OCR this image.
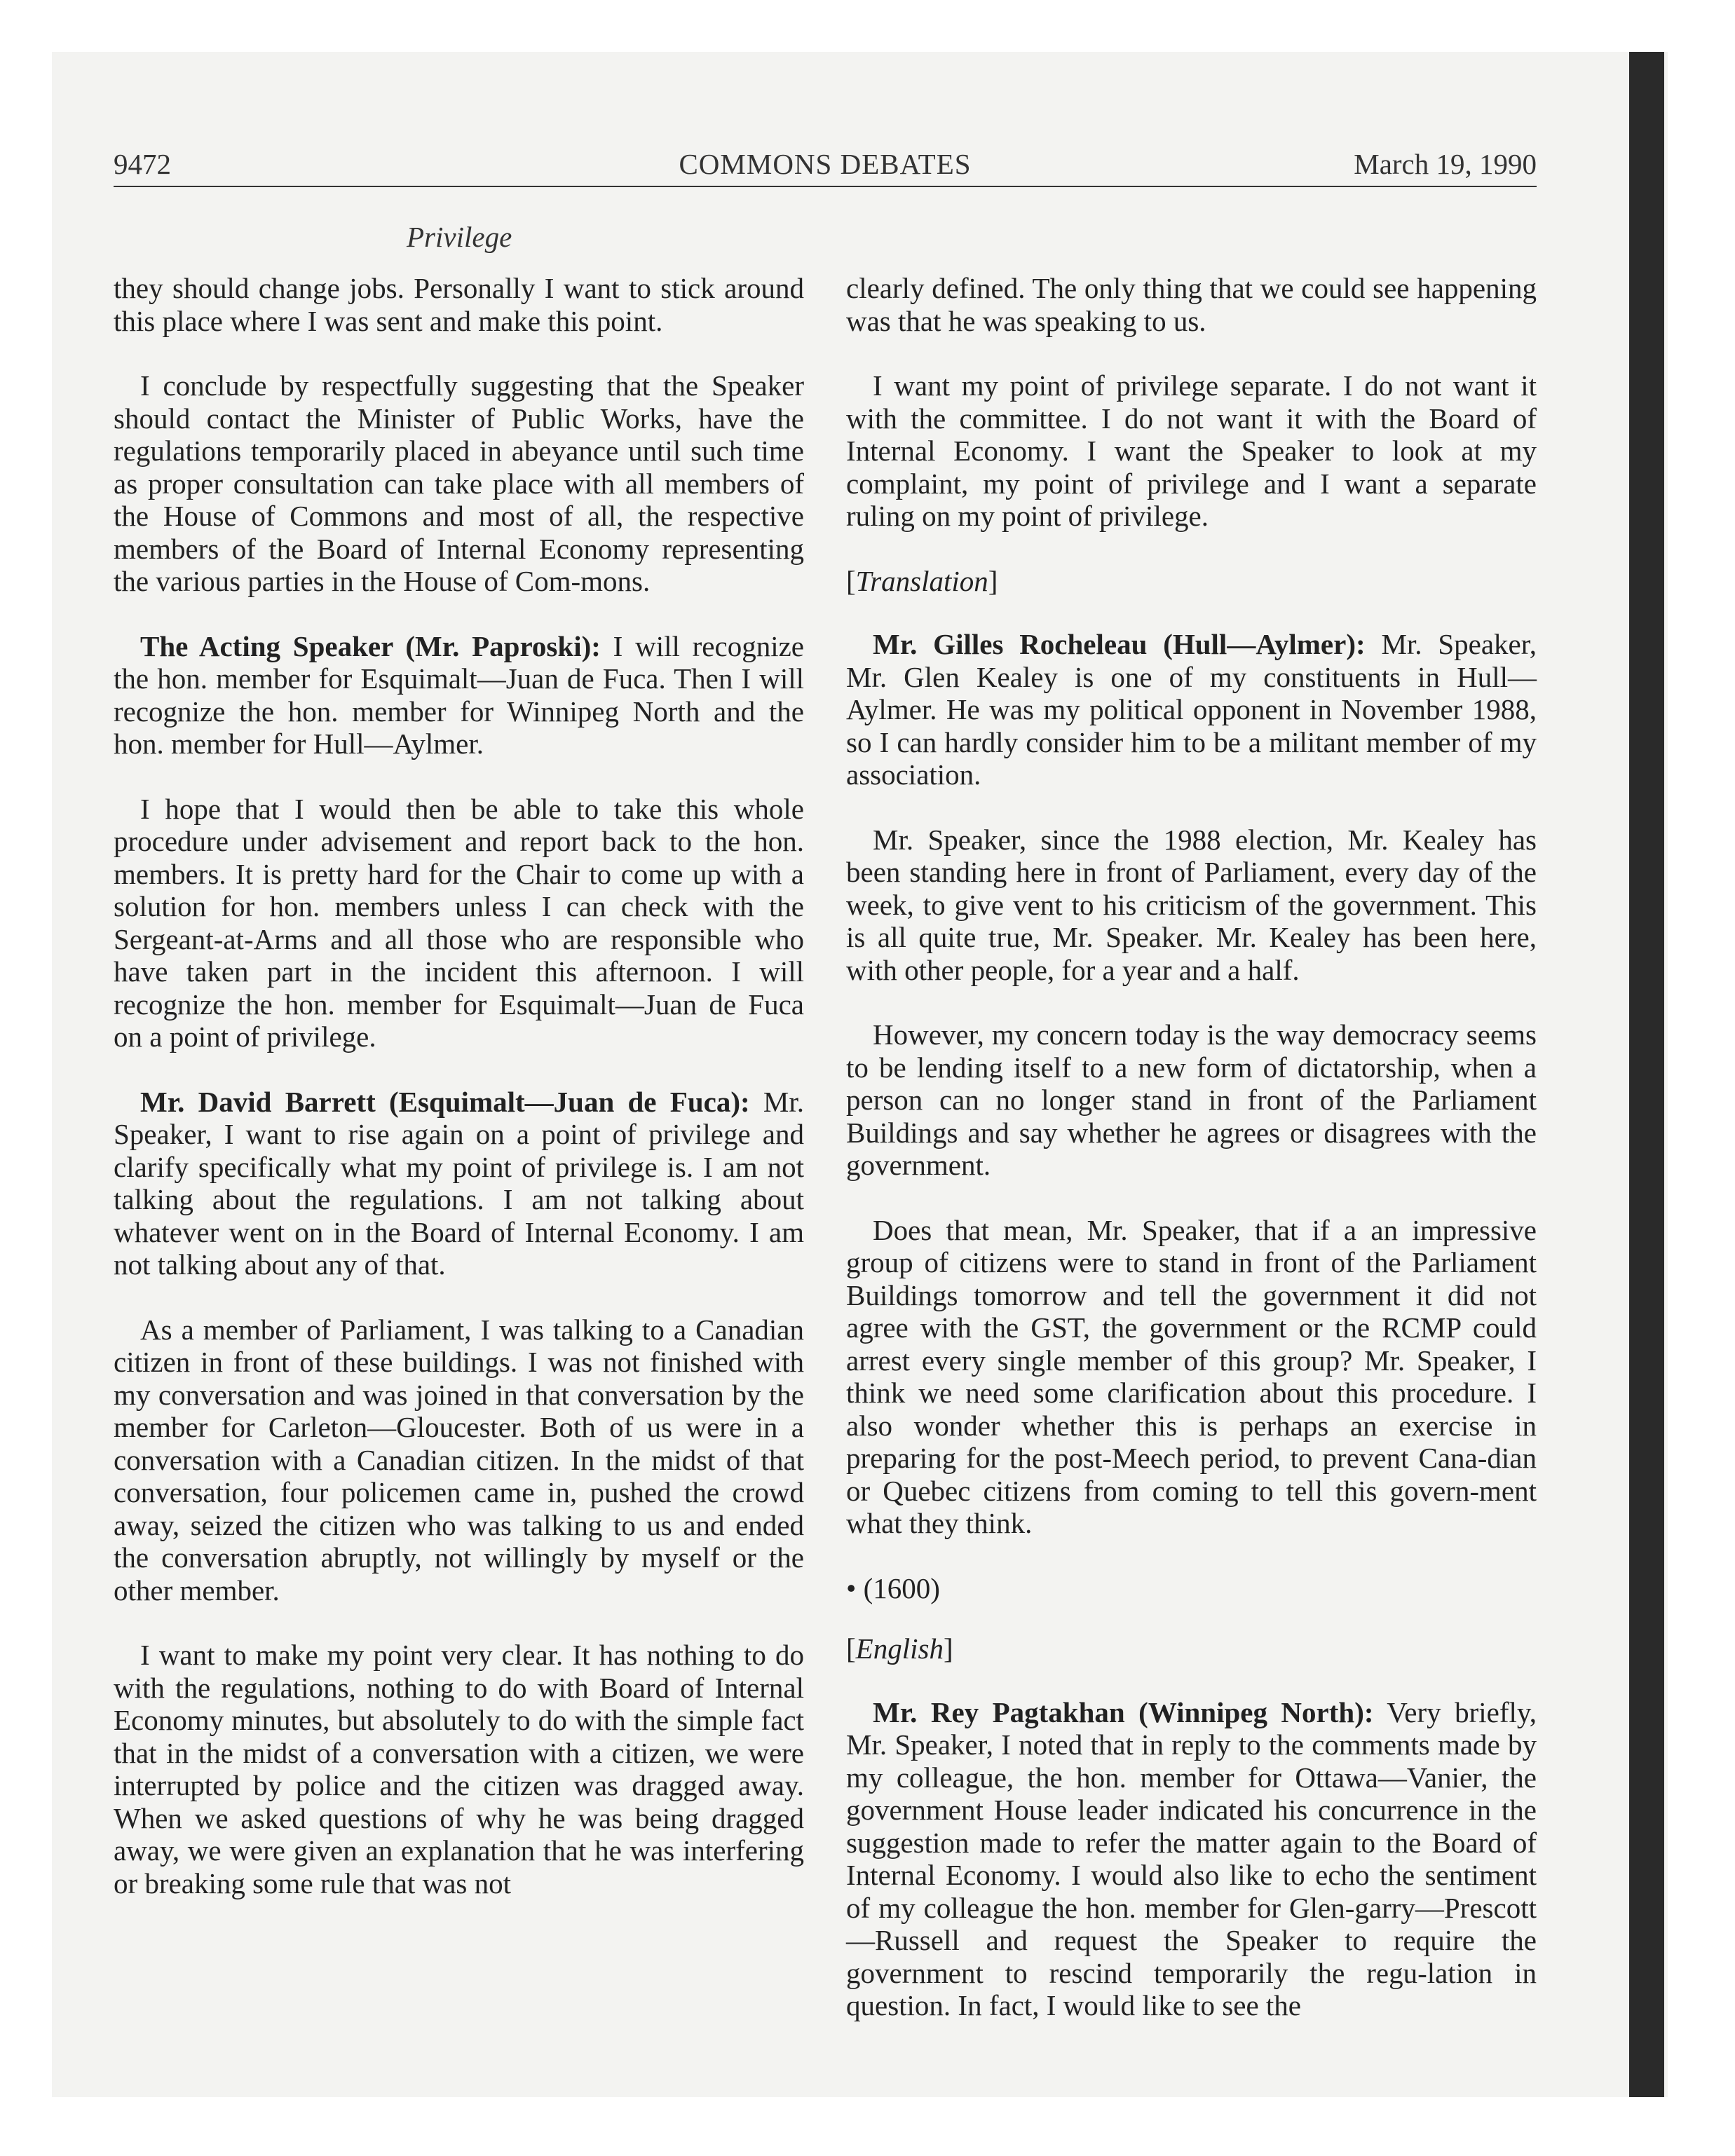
9472	COMMONS DEBATES	March 19, 1990
Privilege

they should change jobs. Personally I want to stick around this place where I was sent and make this point.

I conclude by respectfully suggesting that the Speaker should contact the Minister of Public Works, have the regulations temporarily placed in abeyance until such time as proper consultation can take place with all members of the House of Commons and most of all, the respective members of the Board of Internal Economy representing the various parties in the House of Com-mons.

The Acting Speaker (Mr. Paproski): I will recognize the hon. member for Esquimalt—Juan de Fuca. Then I will recognize the hon. member for Winnipeg North and the hon. member for Hull—Aylmer.

I hope that I would then be able to take this whole procedure under advisement and report back to the hon. members. It is pretty hard for the Chair to come up with a solution for hon. members unless I can check with the Sergeant-at-Arms and all those who are responsible who have taken part in the incident this afternoon. I will recognize the hon. member for Esquimalt—Juan de Fuca on a point of privilege.

Mr. David Barrett (Esquimalt—Juan de Fuca): Mr. Speaker, I want to rise again on a point of privilege and clarify specifically what my point of privilege is. I am not talking about the regulations. I am not talking about whatever went on in the Board of Internal Economy. I am not talking about any of that.

As a member of Parliament, I was talking to a Canadian citizen in front of these buildings. I was not finished with my conversation and was joined in that conversation by the member for Carleton—Gloucester. Both of us were in a conversation with a Canadian citizen. In the midst of that conversation, four policemen came in, pushed the crowd away, seized the citizen who was talking to us and ended the conversation abruptly, not willingly by myself or the other member.

I want to make my point very clear. It has nothing to do with the regulations, nothing to do with Board of Internal Economy minutes, but absolutely to do with the simple fact that in the midst of a conversation with a citizen, we were interrupted by police and the citizen was dragged away. When we asked questions of why he was being dragged away, we were given an explanation that he was interfering or breaking some rule that was not

clearly defined. The only thing that we could see happening was that he was speaking to us.

I want my point of privilege separate. I do not want it with the committee. I do not want it with the Board of Internal Economy. I want the Speaker to look at my complaint, my point of privilege and I want a separate ruling on my point of privilege.

[Translation]

Mr. Gilles Rocheleau (Hull—Aylmer): Mr. Speaker, Mr. Glen Kealey is one of my constituents in Hull—Aylmer. He was my political opponent in November 1988, so I can hardly consider him to be a militant member of my association.

Mr. Speaker, since the 1988 election, Mr. Kealey has been standing here in front of Parliament, every day of the week, to give vent to his criticism of the government. This is all quite true, Mr. Speaker. Mr. Kealey has been here, with other people, for a year and a half.

However, my concern today is the way democracy seems to be lending itself to a new form of dictatorship, when a person can no longer stand in front of the Parliament Buildings and say whether he agrees or disagrees with the government.

Does that mean, Mr. Speaker, that if a an impressive group of citizens were to stand in front of the Parliament Buildings tomorrow and tell the government it did not agree with the GST, the government or the RCMP could arrest every single member of this group? Mr. Speaker, I think we need some clarification about this procedure. I also wonder whether this is perhaps an exercise in preparing for the post-Meech period, to prevent Cana-dian or Quebec citizens from coming to tell this govern-ment what they think.

• (1600)

[English]

Mr. Rey Pagtakhan (Winnipeg North): Very briefly, Mr. Speaker, I noted that in reply to the comments made by my colleague, the hon. member for Ottawa—Vanier, the government House leader indicated his concurrence in the suggestion made to refer the matter again to the Board of Internal Economy. I would also like to echo the sentiment of my colleague the hon. member for Glen-garry—Prescott—Russell and request the Speaker to require the government to rescind temporarily the regu-lation in question. In fact, I would like to see the
